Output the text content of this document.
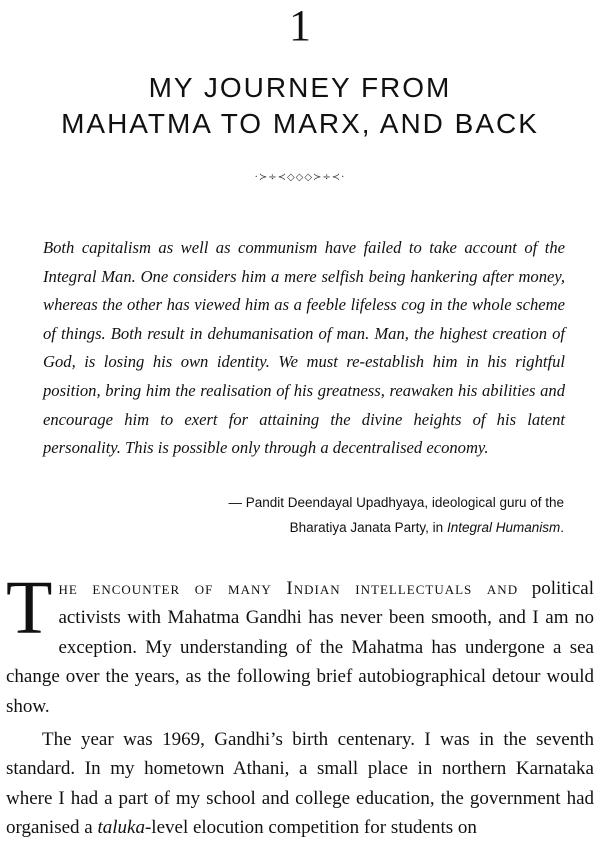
1
MY JOURNEY FROM
MAHATMA TO MARX, AND BACK
·≻÷≺◇◇◇≻÷≺·

Both capitalism as well as communism have failed to take account of the Integral Man. One considers him a mere selfish being hankering after money, whereas the other has viewed him as a feeble lifeless cog in the whole scheme of things. Both result in dehumanisation of man. Man, the highest creation of God, is losing his own identity. We must re-establish him in his rightful position, bring him the realisation of his greatness, reawaken his abilities and encourage him to exert for attaining the divine heights of his latent personality. This is possible only through a decentralised economy.

— Pandit Deendayal Upadhyaya, ideological guru of the
Bharatiya Janata Party, in Integral Humanism.

The encounter of many Indian intellectuals and political activists with Mahatma Gandhi has never been smooth, and I am no exception. My understanding of the Mahatma has undergone a sea change over the years, as the following brief autobiographical detour would show.

The year was 1969, Gandhi’s birth centenary. I was in the seventh standard. In my hometown Athani, a small place in northern Karnataka where I had a part of my school and college education, the government had organised a taluka-level elocution competition for students on
